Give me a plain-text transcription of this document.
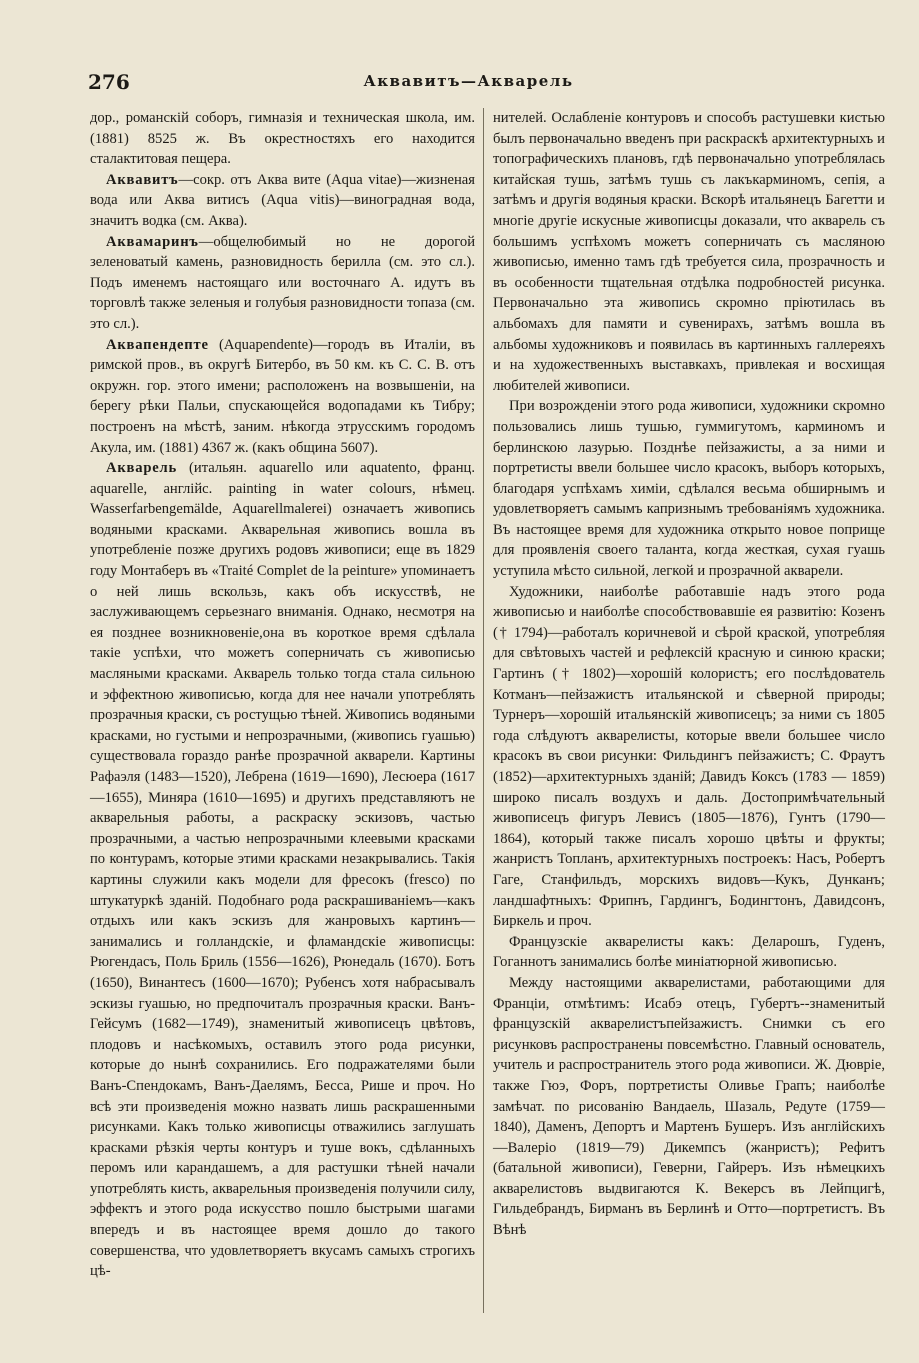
276	Аквавитъ—Акварель

дор., романскій соборъ, гимназія и техническая школа, им. (1881) 8525 ж. Въ окрестностяхъ его находится сталактитовая пещера.

Аквавитъ—сокр. отъ Аква вите (Aqua vitae)—жизненая вода или Аква витисъ (Aqua vitis)—виноградная вода, значитъ водка (см. Аква).

Аквамаринъ—общелюбимый но не дорогой зеленоватый камень, разновидность берилла (см. это сл.). Подъ именемъ настоящаго или восточнаго А. идутъ въ торговлѣ также зеленыя и голубыя разновидности топаза (см. это сл.).

Аквапендепте (Aquapendente)—городъ въ Италіи, въ римской пров., въ округѣ Битербо, въ 50 км. къ С. С. В. отъ окружн. гор. этого имени; расположенъ на возвышеніи, на берегу рѣки Пальи, спускающейся водопадами къ Тибру; построенъ на мѣстѣ, заним. нѣкогда этрусскимъ городомъ Акула, им. (1881) 4367 ж. (какъ община 5607).

Акварель (итальян. aquarello или aquatento, франц. aquarelle, англійс. painting in water colours, нѣмец. Wasserfarbengemälde, Aquarellmalerei) означаетъ живопись водяными красками. Акварельная живопись вошла въ употребленіе позже другихъ родовъ живописи; еще въ 1829 году Монтаберъ въ «Traité Complet de la peinture» упоминаетъ о ней лишь вскользь, какъ объ искусствѣ, не заслуживающемъ серьезнаго вниманія. Однако, несмотря на ея позднее возникновеніе,она въ короткое время сдѣлала такіе успѣхи, что можетъ соперничать съ живописью масляными красками. Акварель только тогда стала сильною и эффектною живописью, когда для нее начали употреблять прозрачныя краски, съ ростущью тѣней. Живопись водяными красками, но густыми и непрозрачными, (живопись гуашью) существовала гораздо ранѣе прозрачной акварели. Картины Рафаэля (1483—1520), Лебрена (1619—1690), Лесюера (1617—1655), Миняра (1610—1695) и другихъ представляютъ не акварельныя работы, а раскраску эскизовъ, частью прозрачными, а частью непрозрачными клеевыми красками по контурамъ, которые этими красками незакрывались. Такія картины служили какъ модели для фресокъ (fresco) по штукатуркѣ зданій. Подобнаго рода раскрашиваніемъ—какъ отдыхъ или какъ эскизъ для жанровыхъ картинъ—занимались и голландскіе, и фламандскіе живописцы: Рюгендасъ, Поль Бриль (1556—1626), Рюнедаль (1670). Ботъ (1650), Винантесъ (1600—1670); Рубенсъ хотя набрасывалъ эскизы гуашью, но предпочиталъ прозрачныя краски. Ванъ-Гейсумъ (1682—1749), знаменитый живописецъ цвѣтовъ, плодовъ и насѣкомыхъ, оставилъ этого рода рисунки, которые до нынѣ сохранились. Его подражателями были Ванъ-Спендокамъ, Ванъ-Даелямъ, Бесса, Рише и проч. Но всѣ эти произведенія можно назвать лишь раскрашенными рисунками. Какъ только живописцы отважились заглушать красками рѣзкія черты контуръ и туше вокъ, сдѣланныхъ перомъ или карандашемъ, а для растушки тѣней начали употреблять кисть, акварельныя произведенія получили силу, эффектъ и этого рода искусство пошло быстрыми шагами впередъ и въ настоящее время дошло до такого совершенства, что удовлетворяетъ вкусамъ самыхъ строгихъ цѣ-

нителей. Ослабленіе контуровъ и способъ растушевки кистью былъ первоначально введенъ при раскраскѣ архитектурныхъ и топографическихъ плановъ, гдѣ первоначально употреблялась китайская тушь, затѣмъ тушь съ лакъкарминомъ, сепія, а затѣмъ и другія водяныя краски. Вскорѣ итальянецъ Багетти и многіе другіе искусные живописцы доказали, что акварель съ большимъ успѣхомъ можетъ соперничать съ масляною живописью, именно тамъ гдѣ требуется сила, прозрачность и въ особенности тщательная отдѣлка подробностей рисунка. Первоначально эта живопись скромно пріютилась въ альбомахъ для памяти и сувенирахъ, затѣмъ вошла въ альбомы художниковъ и появилась въ картинныхъ галлереяхъ и на художественныхъ выставкахъ, привлекая и восхищая любителей живописи.

При возрожденіи этого рода живописи, художники скромно пользовались лишь тушью, гуммигутомъ, карминомъ и берлинскою лазурью. Позднѣе пейзажисты, а за ними и портретисты ввели большее число красокъ, выборъ которыхъ, благодаря успѣхамъ химіи, сдѣлался весьма обширнымъ и удовлетворяетъ самымъ капризнымъ требованіямъ художника. Въ настоящее время для художника открыто новое поприще для проявленія своего таланта, когда жесткая, сухая гуашь уступила мѣсто сильной, легкой и прозрачной акварели.

Художники, наиболѣе работавшіе надъ этого рода живописью и наиболѣе способствовавшіе ея развитію: Козенъ († 1794)—работалъ коричневой и сѣрой краской, употребляя для свѣтовыхъ частей и рефлексій красную и синюю краски; Гартинъ († 1802)—хорошій колористъ; его послѣдователь Котманъ—пейзажистъ итальянской и сѣверной природы; Турнеръ—хорошій итальянскій живописецъ; за ними съ 1805 года слѣдуютъ акварелисты, которые ввели большее число красокъ въ свои рисунки: Фильдингъ пейзажистъ; С. Фраутъ (1852)—архитектурныхъ зданій; Давидъ Коксъ (1783 — 1859) широко писалъ воздухъ и даль. Достопримѣчательный живописецъ фигуръ Левисъ (1805—1876), Гунтъ (1790—1864), который также писалъ хорошо цвѣты и фрукты; жанристъ Топланъ, архитектурныхъ построекъ: Насъ, Робертъ Гаге, Станфильдъ, морскихъ видовъ—Кукъ, Дунканъ; ландшафтныхъ: Фрипнъ, Гардингъ, Бодингтонъ, Давидсонъ, Биркель и проч.

Французскіе акварелисты какъ: Деларошъ, Гуденъ, Гоганнотъ занимались болѣе миніатюрной живописью.

Между настоящими акварелистами, работающими для Франціи, отмѣтимъ: Исабэ отецъ, Губертъ--знаменитый французскій акварелистъпейзажистъ. Снимки съ его рисунковъ распространены повсемѣстно. Главный основатель, учитель и распространитель этого рода живописи. Ж. Дювріе, также Гюэ, Форъ, портретисты Оливье Грапъ; наиболѣе замѣчат. по рисованію Вандаель, Шазаль, Редуте (1759—1840), Даменъ, Депортъ и Мартенъ Бушеръ. Изъ англійскихъ—Валеріо (1819—79) Дикемпсъ (жанристъ); Рефитъ (батальной живописи), Геверни, Гайреръ. Изъ нѣмецкихъ акварелистовъ выдвигаются К. Векерсъ въ Лейпцигѣ, Гильдебрандъ, Бирманъ въ Берлинѣ и Отто—портретистъ. Въ Вѣнѣ
